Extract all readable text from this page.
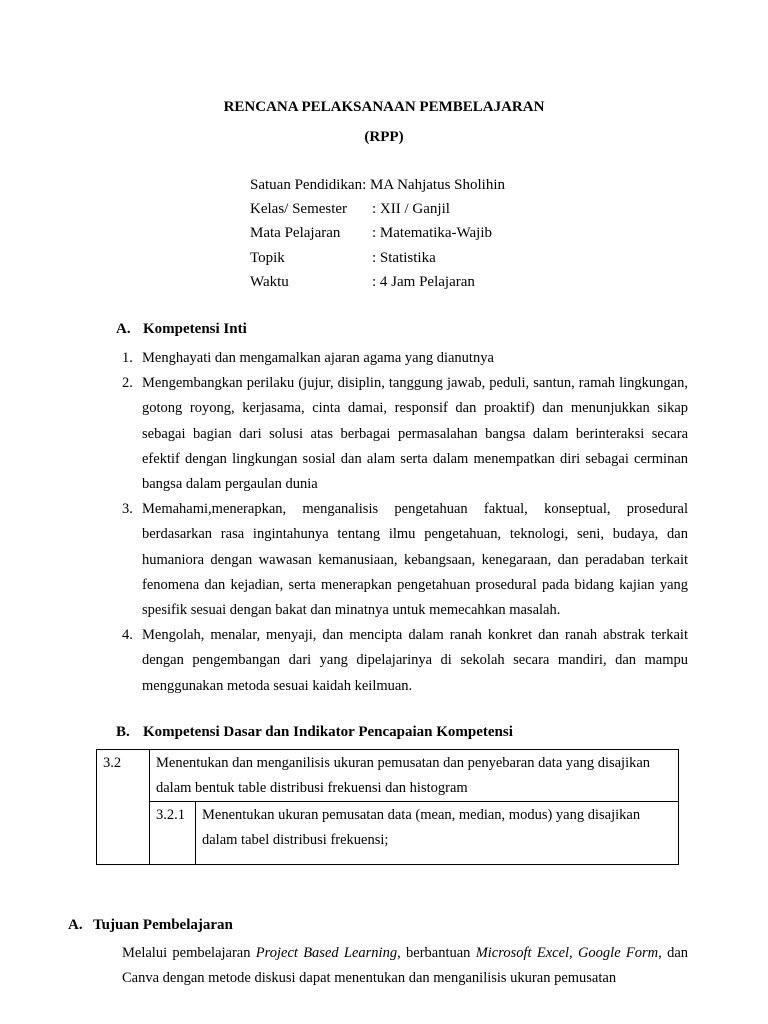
RENCANA PELAKSANAAN PEMBELAJARAN
(RPP)
Satuan Pendidikan: MA Nahjatus Sholihin
Kelas/ Semester : XII / Ganjil
Mata Pelajaran : Matematika-Wajib
Topik	: Statistika
Waktu	: 4 Jam Pelajaran
A. Kompetensi Inti
1. Menghayati dan mengamalkan ajaran agama yang dianutnya
2. Mengembangkan perilaku (jujur, disiplin, tanggung jawab, peduli, santun, ramah lingkungan, gotong royong, kerjasama, cinta damai, responsif dan proaktif) dan menunjukkan sikap sebagai bagian dari solusi atas berbagai permasalahan bangsa dalam berinteraksi secara efektif dengan lingkungan sosial dan alam serta dalam menempatkan diri sebagai cerminan bangsa dalam pergaulan dunia
3. Memahami,menerapkan, menganalisis pengetahuan faktual, konseptual, prosedural berdasarkan rasa ingintahunya tentang ilmu pengetahuan, teknologi, seni, budaya, dan humaniora dengan wawasan kemanusiaan, kebangsaan, kenegaraan, dan peradaban terkait fenomena dan kejadian, serta menerapkan pengetahuan prosedural pada bidang kajian yang spesifik sesuai dengan bakat dan minatnya untuk memecahkan masalah.
4. Mengolah, menalar, menyaji, dan mencipta dalam ranah konkret dan ranah abstrak terkait dengan pengembangan dari yang dipelajarinya di sekolah secara mandiri, dan mampu menggunakan metoda sesuai kaidah keilmuan.
B. Kompetensi Dasar dan Indikator Pencapaian Kompetensi
3.2	Menentukan dan menganilisis ukuran pemusatan dan penyebaran data yang disajikan dalam bentuk table distribusi frekuensi dan histogram	
	3.2.1	Menentukan ukuran pemusatan data (mean, median, modus) yang disajikan dalam tabel distribusi frekuensi;
A. Tujuan Pembelajaran
Melalui pembelajaran Project Based Learning, berbantuan Microsoft Excel, Google Form, dan Canva dengan metode diskusi dapat menentukan dan menganilisis ukuran pemusatan
